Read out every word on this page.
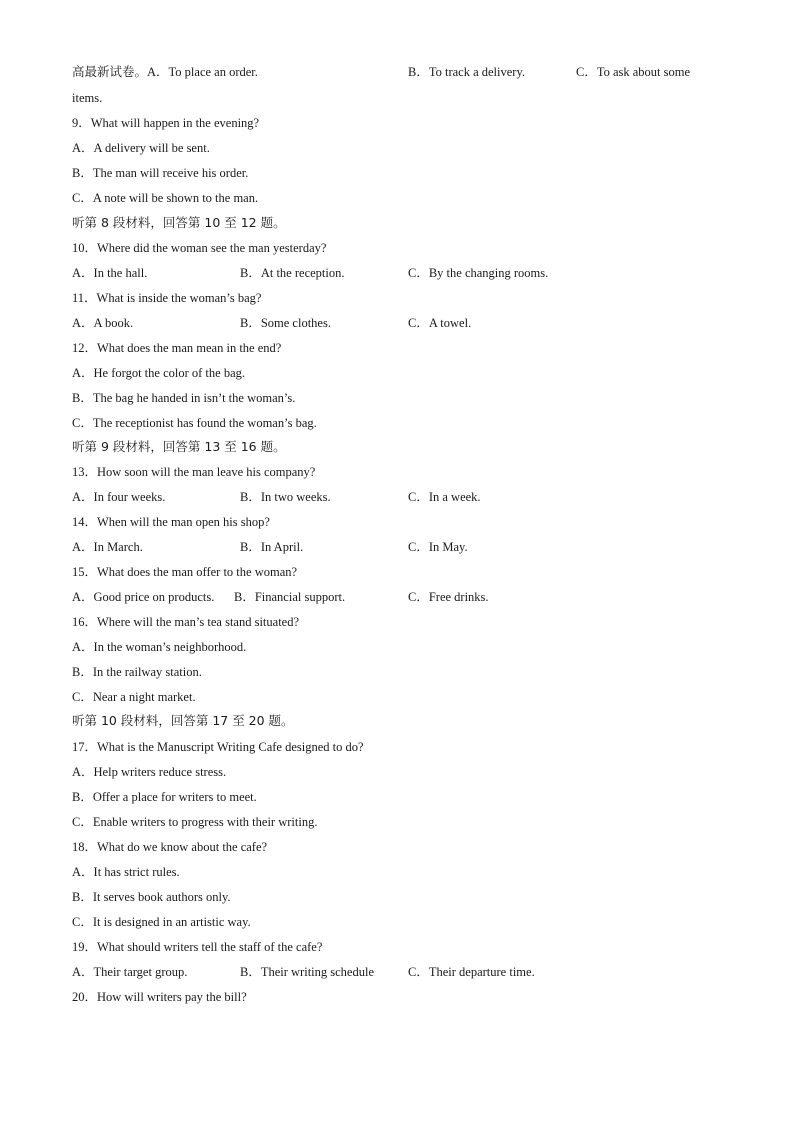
高最新试卷。A．To place an order.	B．To track a delivery.	C．To ask about some
items.
9．What will happen in the evening?
A．A delivery will be sent.
B．The man will receive his order.
C．A note will be shown to the man.
听第 8 段材料，回答第 10 至 12 题。
10．Where did the woman see the man yesterday?
A．In the hall.	B．At the reception.	C．By the changing rooms.
11．What is inside the woman’s bag?
A．A book.	B．Some clothes.	C．A towel.
12．What does the man mean in the end?
A．He forgot the color of the bag.
B．The bag he handed in isn’t the woman’s.
C．The receptionist has found the woman’s bag.
听第 9 段材料，回答第 13 至 16 题。
13．How soon will the man leave his company?
A．In four weeks.	B．In two weeks.	C．In a week.
14．When will the man open his shop?
A．In March.	B．In April.	C．In May.
15．What does the man offer to the woman?
A．Good price on products. B．Financial support.	C．Free drinks.
16．Where will the man’s tea stand situated?
A．In the woman’s neighborhood.
B．In the railway station.
C．Near a night market.
听第 10 段材料，回答第 17 至 20 题。
17．What is the Manuscript Writing Cafe designed to do?
A．Help writers reduce stress.
B．Offer a place for writers to meet.
C．Enable writers to progress with their writing.
18．What do we know about the cafe?
A．It has strict rules.
B．It serves book authors only.
C．It is designed in an artistic way.
19．What should writers tell the staff of the cafe?
A．Their target group.	B．Their writing schedule	C．Their departure time.
20．How will writers pay the bill?
